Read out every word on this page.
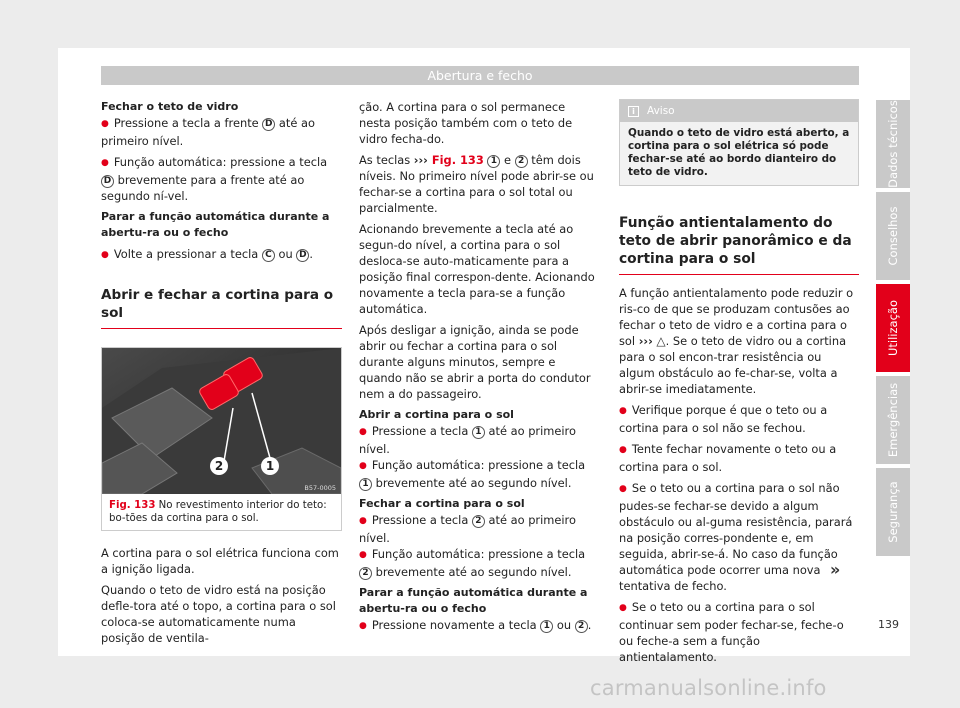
Abertura e fecho
Fechar o teto de vidro
● Pressione a tecla a frente D até ao primeiro nível.
● Função automática: pressione a tecla D brevemente para a frente até ao segundo ní-vel.
Parar a função automática durante a abertu-ra ou o fecho
● Volte a pressionar a tecla C ou D .
Abrir e fechar a cortina para o sol
2	1
B57-0005
Fig. 133 No revestimento interior do teto: bo-tões da cortina para o sol.
A cortina para o sol elétrica funciona com a ignição ligada.
Quando o teto de vidro está na posição defle-tora até o topo, a cortina para o sol coloca-se automaticamente numa posição de ventila-
ção. A cortina para o sol permanece nesta posição também com o teto de vidro fecha-do.
As teclas ››› Fig. 133 1 e 2 têm dois níveis. No primeiro nível pode abrir-se ou fechar-se a cortina para o sol total ou parcialmente.
Acionando brevemente a tecla até ao segun-do nível, a cortina para o sol desloca-se auto-maticamente para a posição final correspon-dente. Acionando novamente a tecla para-se a função automática.
Após desligar a ignição, ainda se pode abrir ou fechar a cortina para o sol durante alguns minutos, sempre e quando não se abrir a porta do condutor nem a do passageiro.
Abrir a cortina para o sol
● Pressione a tecla 1 até ao primeiro nível.
● Função automática: pressione a tecla 1 brevemente até ao segundo nível.
Fechar a cortina para o sol
● Pressione a tecla 2 até ao primeiro nível.
● Função automática: pressione a tecla 2 brevemente até ao segundo nível.
Parar a função automática durante a abertu-ra ou o fecho
● Pressione novamente a tecla 1 ou 2 .
i Aviso
Quando o teto de vidro está aberto, a cortina para o sol elétrica só pode fechar-se até ao bordo dianteiro do teto de vidro.
Função antientalamento do teto de abrir panorâmico e da cortina para o sol
A função antientalamento pode reduzir o ris-co de que se produzam contusões ao fechar o teto de vidro e a cortina para o sol ››› △. Se o teto de vidro ou a cortina para o sol encon-trar resistência ou algum obstáculo ao fe-char-se, volta a abrir-se imediatamente.
● Verifique porque é que o teto ou a cortina para o sol não se fechou.
● Tente fechar novamente o teto ou a cortina para o sol.
● Se o teto ou a cortina para o sol não pudes-se fechar-se devido a algum obstáculo ou al-guma resistência, parará na posição corres-pondente e, em seguida, abrir-se-á. No caso da função automática pode ocorrer uma nova tentativa de fecho.
● Se o teto ou a cortina para o sol continuar sem poder fechar-se, feche-o ou feche-a sem a função antientalamento.
»
Dados técnicos
Conselhos
Utilização
Emergências
Segurança
139
carmanualsonline.info
